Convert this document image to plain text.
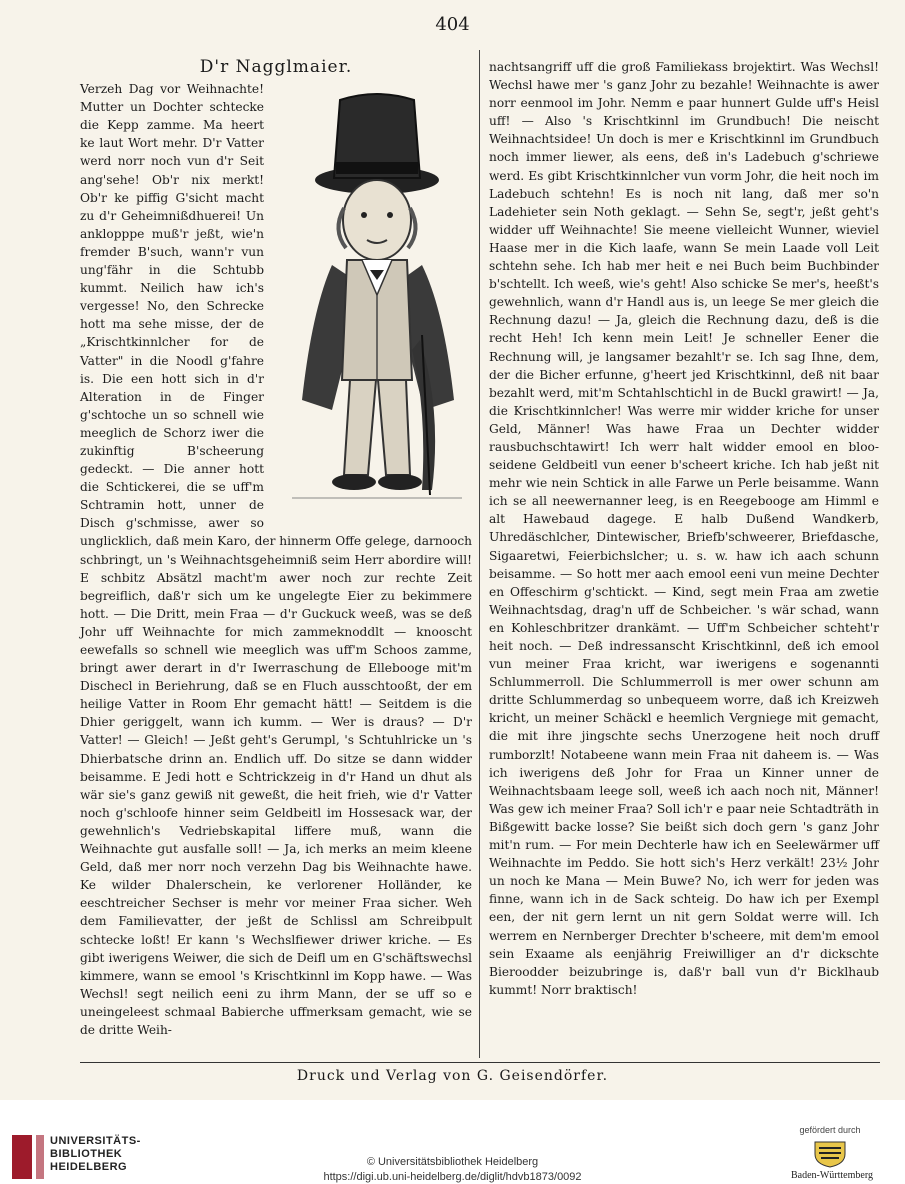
404
D'r Nagglmaier.

Verzeh Dag vor Weihnachte! Mutter un Dochter schtecke die Kepp zamme. Ma heert ke laut Wort mehr. D'r Vatter werd norr noch vun d'r Seit ang'sehe! Ob'r nix merkt! Ob'r ke piffig G'sicht macht zu d'r Geheimnißdhuerei! Un anklopppe muß'r jeßt, wie'n fremder B'such, wann'r vun ung'fähr in die Schtubb kummt. Neilich haw ich's vergesse! No, den Schrecke hott ma sehe misse, der de „Krischtkinnlcher for de Vatter" in die Noodl g'fahre is. Die een hott sich in d'r Alteration in de Finger g'schtoche un so schnell wie meeglich de Schorz iwer die zukinftig B'scheerung gedeckt. — Die anner hott die Schtickerei, die se uff'm Schtramin hott, unner de Disch g'schmisse, awer so unglicklich, daß mein Karo, der hinnerm Offe gelege, darnooch schbringt, un 's Weihnachtsgeheimniß seim Herr abordire will! E schbitz Absätzl macht'm awer noch zur rechte Zeit begreiflich, daß'r sich um ke ungelegte Eier zu bekimmere hott. — Die Dritt, mein Fraa — d'r Guckuck weeß, was se deß Johr uff Weihnachte for mich zammeknoddlt — knooscht eewefalls so schnell wie meeglich was uff'm Schoos zamme, bringt awer derart in d'r Iwerraschung de Ellebooge mit'm Dischecl in Beriehrung, daß se en Fluch ausschtooßt, der em heilige Vatter in Room Ehr gemacht hätt! — Seitdem is die Dhier geriggelt, wann ich kumm. — Wer is draus? — D'r Vatter! — Gleich! — Jeßt geht's Gerumpl, 's Schtuhlricke un 's Dhierbatsche drinn an. Endlich uff. Do sitze se dann widder beisamme. E Jedi hott e Schtrickzeig in d'r Hand un dhut als wär sie's ganz gewiß nit geweßt, die heit frieh, wie d'r Vatter noch g'schloofe hinner seim Geldbeitl im Hossesack war, der gewehnlich's Vedriebskapital liffere muß, wann die Weihnachte gut ausfalle soll! — Ja, ich merks an meim kleene Geld, daß mer norr noch verzehn Dag bis Weihnachte hawe. Ke wilder Dhalerschein, ke verlorener Holländer, ke eeschtreicher Sechser is mehr vor meiner Fraa sicher. Weh dem Familievatter, der jeßt de Schlissl am Schreibpult schtecke loßt! Er kann 's Wechslfiewer driwer kriche. — Es gibt iwerigens Weiwer, die sich de Deifl um en G'schäftswechsl kimmere, wann se emool 's Krischtkinnl im Kopp hawe. — Was Wechsl! segt neilich eeni zu ihrm Mann, der se uff so e uneingeleest schmaal Babierche uffmerksam gemacht, wie se de dritte Weih-

nachtsangriff uff die groß Familiekass brojektirt. Was Wechsl! Wechsl hawe mer 's ganz Johr zu bezahle! Weihnachte is awer norr eenmool im Johr. Nemm e paar hunnert Gulde uff's Heisl uff! — Also 's Krischtkinnl im Grundbuch! Die neischt Weihnachtsidee! Un doch is mer e Krischtkinnl im Grundbuch noch immer liewer, als eens, deß in's Ladebuch g'schriewe werd. Es gibt Krischtkinnlcher vun vorm Johr, die heit noch im Ladebuch schtehn! Es is noch nit lang, daß mer so'n Ladehieter sein Noth geklagt. — Sehn Se, segt'r, jeßt geht's widder uff Weihnachte! Sie meene vielleicht Wunner, wieviel Haase mer in die Kich laafe, wann Se mein Laade voll Leit schtehn sehe. Ich hab mer heit e nei Buch beim Buchbinder b'schtellt. Ich weeß, wie's geht! Also schicke Se mer's, heeßt's gewehnlich, wann d'r Handl aus is, un leege Se mer gleich die Rechnung dazu! — Ja, gleich die Rechnung dazu, deß is die recht Heh! Ich kenn mein Leit! Je schneller Eener die Rechnung will, je langsamer bezahlt'r se. Ich sag Ihne, dem, der die Bicher erfunne, g'heert jed Krischtkinnl, deß nit baar bezahlt werd, mit'm Schtahlschtichl in de Buckl grawirt! — Ja, die Krischtkinnlcher! Was werre mir widder kriche for unser Geld, Männer! Was hawe Fraa un Dechter widder rausbuchschtawirt! Ich werr halt widder emool en bloo-seidene Geldbeitl vun eener b'scheert kriche. Ich hab jeßt nit mehr wie nein Schtick in alle Farwe un Perle beisamme. Wann ich se all neewernanner leeg, is en Reegebooge am Himml e alt Hawebaud dagege. E halb Dußend Wandkerb, Uhredäschlcher, Dintewischer, Briefb'schweerer, Briefdasche, Sigaaretwi, Feierbichslcher; u. s. w. haw ich aach schunn beisamme. — So hott mer aach emool eeni vun meine Dechter en Offeschirm g'schtickt. — Kind, segt mein Fraa am zwetie Weihnachtsdag, drag'n uff de Schbeicher. 's wär schad, wann en Kohleschbritzer drankämt. — Uff'm Schbeicher schteht'r heit noch. — Deß indressanscht Krischtkinnl, deß ich emool vun meiner Fraa kricht, war iwerigens e sogenannti Schlummerroll. Die Schlummerroll is mer ower schunn am dritte Schlummerdag so unbequeem worre, daß ich Kreizweh kricht, un meiner Schäckl e heemlich Vergniege mit gemacht, die mit ihre jingschte sechs Unerzogene heit noch druff rumborzlt! Notabeene wann mein Fraa nit daheem is. — Was ich iwerigens deß Johr for Fraa un Kinner unner de Weihnachtsbaam leege soll, weeß ich aach noch nit, Männer! Was gew ich meiner Fraa? Soll ich'r e paar neie Schtadträth in Bißgewitt backe losse? Sie beißt sich doch gern 's ganz Johr mit'n rum. — For mein Dechterle haw ich en Seelewärmer uff Weihnachte im Peddo. Sie hott sich's Herz verkält! 23½ Johr un noch ke Mana — Mein Buwe? No, ich werr for jeden was finne, wann ich in de Sack schteig. Do haw ich per Exempl een, der nit gern lernt un nit gern Soldat werre will. Ich werrem en Nernberger Drechter b'scheere, mit dem'm emool sein Exaame als eenjährig Freiwilliger an d'r dickschte Bieroodder beizubringe is, daß'r ball vun d'r Bicklhaub kummt! Norr braktisch!

Druck und Verlag von G. Geisendörfer.
UNIVERSITÄTS-
BIBLIOTHEK
HEIDELBERG	© Universitätsbibliothek Heidelberg
https://digi.ub.uni-heidelberg.de/diglit/hdvb1873/0092
gefördert durch
Baden-Württemberg
